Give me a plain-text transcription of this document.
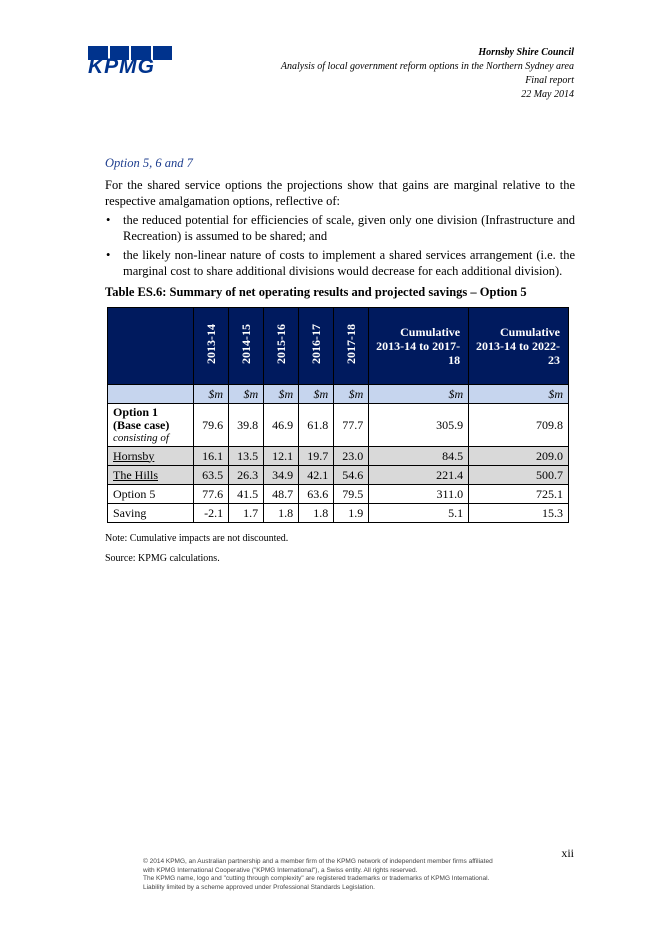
KPMG
Hornsby Shire Council
Analysis of local government reform options in the Northern Sydney area
Final report
22 May 2014
Option 5, 6 and 7
For the shared service options the projections show that gains are marginal relative to the respective amalgamation options, reflective of:
• the reduced potential for efficiencies of scale, given only one division (Infrastructure and Recreation) is assumed to be shared; and
• the likely non-linear nature of costs to implement a shared services arrangement (i.e. the marginal cost to share additional divisions would decrease for each additional division).
Table ES.6: Summary of net operating results and projected savings – Option 5
	2013-14	2014-15	2015-16	2016-17	2017-18	Cumulative 2013-14 to 2017-18	Cumulative 2013-14 to 2022-23
	$m	$m	$m	$m	$m	$m	$m

Option 1
(Base case)
consisting of	79.6	39.8	46.9	61.8	77.7	305.9	709.8
Hornsby	16.1	13.5	12.1	19.7	23.0	84.5	209.0
The Hills	63.5	26.3	34.9	42.1	54.6	221.4	500.7
Option 5	77.6	41.5	48.7	63.6	79.5	311.0	725.1
Saving	-2.1	1.7	1.8	1.8	1.9	5.1	15.3
Note: Cumulative impacts are not discounted.
Source: KPMG calculations.
xii
© 2014 KPMG, an Australian partnership and a member firm of the KPMG network of independent member firms affiliated
with KPMG International Cooperative ("KPMG International"), a Swiss entity. All rights reserved.
The KPMG name, logo and "cutting through complexity" are registered trademarks or trademarks of KPMG International.
Liability limited by a scheme approved under Professional Standards Legislation.
